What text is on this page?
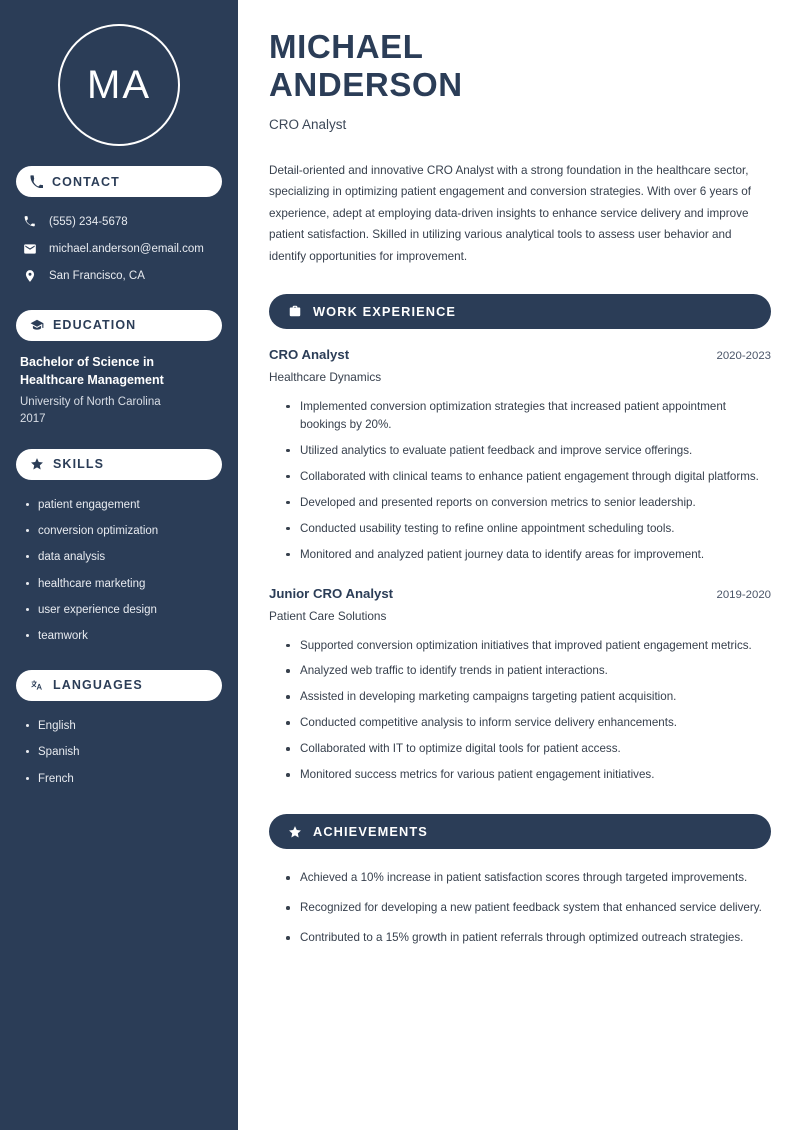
MA
CONTACT
(555) 234-5678
michael.anderson@email.com
San Francisco, CA
EDUCATION
Bachelor of Science in Healthcare Management
University of North Carolina
2017
SKILLS
patient engagement
conversion optimization
data analysis
healthcare marketing
user experience design
teamwork
LANGUAGES
English
Spanish
French
MICHAEL
ANDERSON
CRO Analyst

Detail-oriented and innovative CRO Analyst with a strong foundation in the healthcare sector, specializing in optimizing patient engagement and conversion strategies. With over 6 years of experience, adept at employing data-driven insights to enhance service delivery and improve patient satisfaction. Skilled in utilizing various analytical tools to assess user behavior and identify opportunities for improvement.

WORK EXPERIENCE
CRO Analyst	2020-2023
Healthcare Dynamics
Implemented conversion optimization strategies that increased patient appointment bookings by 20%.
Utilized analytics to evaluate patient feedback and improve service offerings.
Collaborated with clinical teams to enhance patient engagement through digital platforms.
Developed and presented reports on conversion metrics to senior leadership.
Conducted usability testing to refine online appointment scheduling tools.
Monitored and analyzed patient journey data to identify areas for improvement.
Junior CRO Analyst	2019-2020
Patient Care Solutions
Supported conversion optimization initiatives that improved patient engagement metrics.
Analyzed web traffic to identify trends in patient interactions.
Assisted in developing marketing campaigns targeting patient acquisition.
Conducted competitive analysis to inform service delivery enhancements.
Collaborated with IT to optimize digital tools for patient access.
Monitored success metrics for various patient engagement initiatives.
ACHIEVEMENTS
Achieved a 10% increase in patient satisfaction scores through targeted improvements.
Recognized for developing a new patient feedback system that enhanced service delivery.
Contributed to a 15% growth in patient referrals through optimized outreach strategies.
